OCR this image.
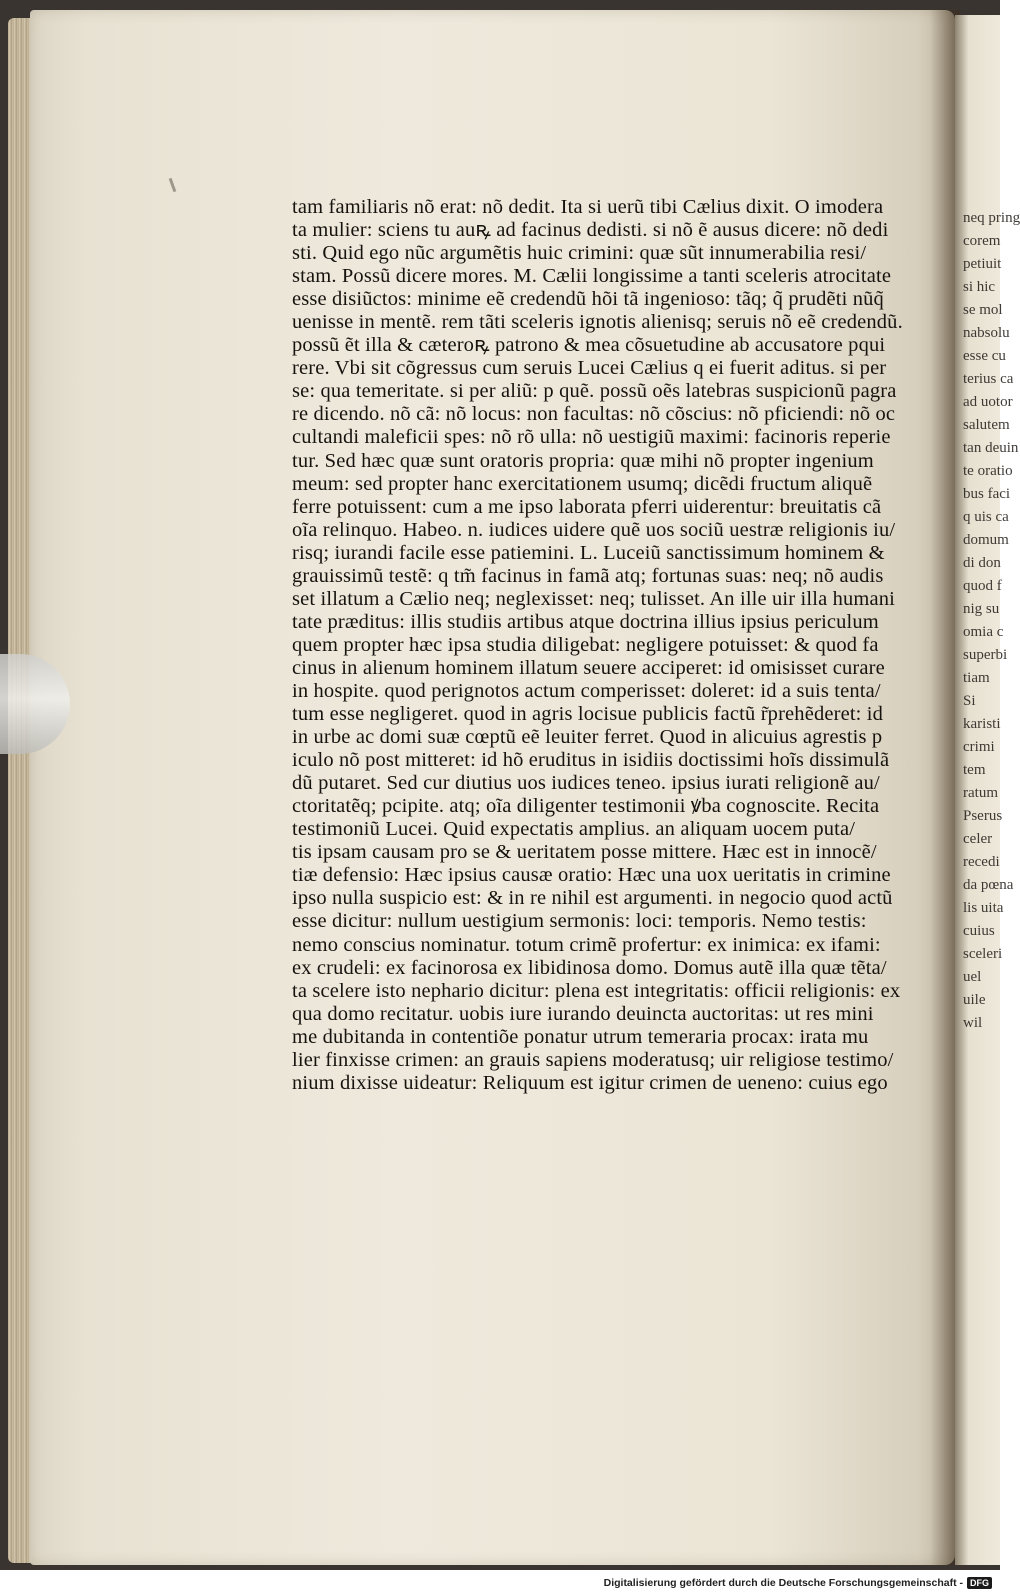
neq pring
corem
petiuit
si hic
se mol
nabsolu
esse cu
terius ca
ad uotor
salutem
tan deuin
te oratio
bus faci
q uis ca
domum
di don
quod f
nig su
omia c
superbi
tiam
Si
karisti
crimi
tem
ratum
Pserus
celer
recedi
da pœna
lis uita
cuius
sceleri
uel
uile
wil
tam familiaris nõ erat: nõ dedit. Ita si uerũ tibi Cælius dixit. O imodera
ta mulier: sciens tu auꝶ ad facinus dedisti. si nõ ẽ ausus dicere: nõ dedi
sti. Quid ego nũc argumẽtis huic crimini: quæ sũt innumerabilia resi/
stam. Possũ dicere mores. M. Cælii longissime a tanti sceleris atrocitate
esse disiũctos: minime eẽ credendũ hõi tã ingenioso: tãq; q̃ prudẽti nũq̃
uenisse in mentẽ. rem tãti sceleris ignotis alienisq; seruis nõ eẽ credendũ.
possũ ẽt illa & cæteroꝶ patrono & mea cõsuetudine ab accusatore pqui
rere. Vbi sit cõgressus cum seruis Lucei Cælius q ei fuerit aditus. si per
se: qua temeritate. si per aliũ: p quẽ. possũ oẽs latebras suspicionũ pagra
re dicendo. nõ cã: nõ locus: non facultas: nõ cõscius: nõ pficiendi: nõ oc
cultandi maleficii spes: nõ rõ ulla: nõ uestigiũ maximi: facinoris reperie
tur. Sed hæc quæ sunt oratoris propria: quæ mihi nõ propter ingenium
meum: sed propter hanc exercitationem usumq; dicẽdi fructum aliquẽ
ferre potuissent: cum a me ipso laborata pferri uiderentur: breuitatis cã
oĩa relinquo. Habeo. n. iudices uidere quẽ uos sociũ uestræ religionis iu/
risq; iurandi facile esse patiemini. L. Luceiũ sanctissimum hominem &
grauissimũ testẽ: q tm̃ facinus in famã atq; fortunas suas: neq; nõ audis
set illatum a Cælio neq; neglexisset: neq; tulisset. An ille uir illa humani
tate præditus: illis studiis artibus atque doctrina illius ipsius periculum
quem propter hæc ipsa studia diligebat: negligere potuisset: & quod fa
cinus in alienum hominem illatum seuere acciperet: id omisisset curare
in hospite. quod perignotos actum comperisset: doleret: id a suis tenta/
tum esse negligeret. quod in agris locisue publicis factũ r̃prehẽderet: id
in urbe ac domi suæ cœptũ eẽ leuiter ferret. Quod in alicuius agrestis p
iculo nõ post mitteret: id hõ eruditus in isidiis doctissimi hoĩs dissimulã
dũ putaret. Sed cur diutius uos iudices teneo. ipsius iurati religionẽ au/
ctoritatẽq; pcipite. atq; oĩa diligenter testimonii ꝟba cognoscite. Recita
testimoniũ Lucei. Quid expectatis amplius. an aliquam uocem puta/
tis ipsam causam pro se & ueritatem posse mittere. Hæc est in innocẽ/
tiæ defensio: Hæc ipsius causæ oratio: Hæc una uox ueritatis in crimine
ipso nulla suspicio est: & in re nihil est argumenti. in negocio quod actũ
esse dicitur: nullum uestigium sermonis: loci: temporis. Nemo testis:
nemo conscius nominatur. totum crimẽ profertur: ex inimica: ex ifami:
ex crudeli: ex facinorosa ex libidinosa domo. Domus autẽ illa quæ tẽta/
ta scelere isto nephario dicitur: plena est integritatis: officii religionis: ex
qua domo recitatur. uobis iure iurando deuincta auctoritas: ut res mini
me dubitanda in contentiõe ponatur utrum temeraria procax: irata mu
lier finxisse crimen: an grauis sapiens moderatusq; uir religiose testimo/
nium dixisse uideatur: Reliquum est igitur crimen de ueneno: cuius ego
Digitalisierung gefördert durch die Deutsche Forschungsgemeinschaft - DFG
